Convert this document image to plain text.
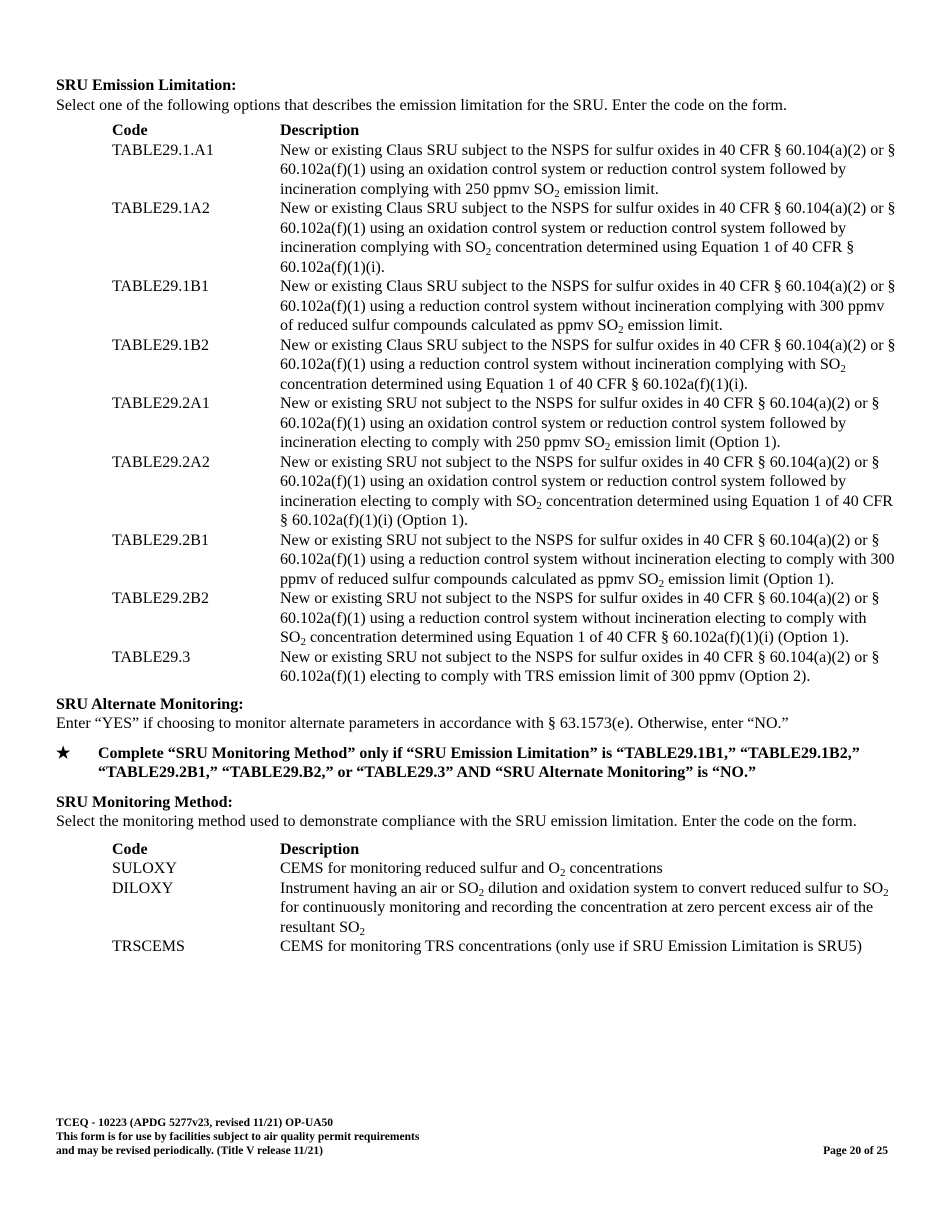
SRU Emission Limitation:

Select one of the following options that describes the emission limitation for the SRU. Enter the code on the form.

Code	Description
TABLE29.1.A1	New or existing Claus SRU subject to the NSPS for sulfur oxides in 40 CFR § 60.104(a)(2) or § 60.102a(f)(1) using an oxidation control system or reduction control system followed by incineration complying with 250 ppmv $SO_2$ emission limit.
TABLE29.1A2	New or existing Claus SRU subject to the NSPS for sulfur oxides in 40 CFR § 60.104(a)(2) or § 60.102a(f)(1) using an oxidation control system or reduction control system followed by incineration complying with $SO_2$ concentration determined using Equation 1 of 40 CFR § 60.102a(f)(1)(i).
TABLE29.1B1	New or existing Claus SRU subject to the NSPS for sulfur oxides in 40 CFR § 60.104(a)(2) or § 60.102a(f)(1) using a reduction control system without incineration complying with 300 ppmv of reduced sulfur compounds calculated as ppmv $SO_2$ emission limit.
TABLE29.1B2	New or existing Claus SRU subject to the NSPS for sulfur oxides in 40 CFR § 60.104(a)(2) or § 60.102a(f)(1) using a reduction control system without incineration complying with $SO_2$ concentration determined using Equation 1 of 40 CFR § 60.102a(f)(1)(i).
TABLE29.2A1	New or existing SRU not subject to the NSPS for sulfur oxides in 40 CFR § 60.104(a)(2) or § 60.102a(f)(1) using an oxidation control system or reduction control system followed by incineration electing to comply with 250 ppmv $SO_2$ emission limit (Option 1).
TABLE29.2A2	New or existing SRU not subject to the NSPS for sulfur oxides in 40 CFR § 60.104(a)(2) or § 60.102a(f)(1) using an oxidation control system or reduction control system followed by incineration electing to comply with $SO_2$ concentration determined using Equation 1 of 40 CFR § 60.102a(f)(1)(i) (Option 1).
TABLE29.2B1	New or existing SRU not subject to the NSPS for sulfur oxides in 40 CFR § 60.104(a)(2) or § 60.102a(f)(1) using a reduction control system without incineration electing to comply with 300 ppmv of reduced sulfur compounds calculated as ppmv $SO_2$ emission limit (Option 1).
TABLE29.2B2	New or existing SRU not subject to the NSPS for sulfur oxides in 40 CFR § 60.104(a)(2) or § 60.102a(f)(1) using a reduction control system without incineration electing to comply with $SO_2$ concentration determined using Equation 1 of 40 CFR § 60.102a(f)(1)(i) (Option 1).
TABLE29.3	New or existing SRU not subject to the NSPS for sulfur oxides in 40 CFR § 60.104(a)(2) or § 60.102a(f)(1) electing to comply with TRS emission limit of 300 ppmv (Option 2).
SRU Alternate Monitoring:

Enter “YES” if choosing to monitor alternate parameters in accordance with § 63.1573(e). Otherwise, enter “NO.”

★	Complete “SRU Monitoring Method” only if “SRU Emission Limitation” is “TABLE29.1B1,” “TABLE29.1B2,” “TABLE29.2B1,” “TABLE29.B2,” or “TABLE29.3” AND “SRU Alternate Monitoring” is “NO.”
SRU Monitoring Method:

Select the monitoring method used to demonstrate compliance with the SRU emission limitation. Enter the code on the form.

Code	Description
SULOXY	CEMS for monitoring reduced sulfur and $O_2$ concentrations
DILOXY	Instrument having an air or $SO_2$ dilution and oxidation system to convert reduced sulfur to $SO_2$ for continuously monitoring and recording the concentration at zero percent excess air of the resultant $SO_2$
TRSCEMS	CEMS for monitoring TRS concentrations (only use if SRU Emission Limitation is SRU5)
TCEQ - 10223 (APDG 5277v23, revised 11/21) OP-UA50
This form is for use by facilities subject to air quality permit requirements
and may be revised periodically. (Title V release 11/21)	Page 20 of 25
